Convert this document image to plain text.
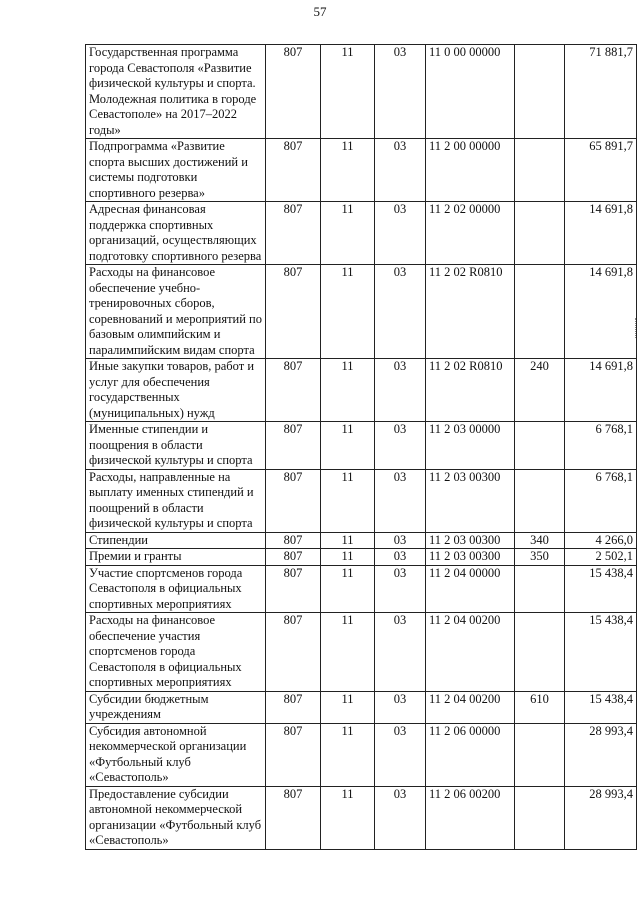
57
Государственная программа города Севастополя «Развитие физической культуры и спорта. Молодежная политика в городе Севастополе» на 2017–2022 годы»	807	11	03	11 0 00 00000		71 881,7
Подпрограмма «Развитие спорта высших достижений и системы подготовки спортивного резерва»	807	11	03	11 2 00 00000		65 891,7
Адресная финансовая поддержка спортивных организаций, осуществляющих подготовку спортивного резерва	807	11	03	11 2 02 00000		14 691,8
Расходы на финансовое обеспечение учебно-тренировочных сборов, соревнований и мероприятий по базовым олимпийским и паралимпийским видам спорта	807	11	03	11 2 02 R0810		14 691,8
Иные закупки товаров, работ и услуг для обеспечения государственных (муниципальных) нужд	807	11	03	11 2 02 R0810	240	14 691,8
Именные стипендии и поощрения в области физической культуры и спорта	807	11	03	11 2 03 00000		6 768,1
Расходы, направленные на выплату именных стипендий и поощрений в области физической культуры и спорта	807	11	03	11 2 03 00300		6 768,1
Стипендии	807	11	03	11 2 03 00300	340	4 266,0
Премии и гранты	807	11	03	11 2 03 00300	350	2 502,1
Участие спортсменов города Севастополя в официальных спортивных мероприятиях	807	11	03	11 2 04 00000		15 438,4
Расходы на финансовое обеспечение участия спортсменов города Севастополя в официальных спортивных мероприятиях	807	11	03	11 2 04 00200		15 438,4
Субсидии бюджетным учреждениям	807	11	03	11 2 04 00200	610	15 438,4
Субсидия автономной некоммерческой организации «Футбольный клуб «Севастополь»	807	11	03	11 2 06 00000		28 993,4
Предоставление субсидии автономной некоммерческой организации «Футбольный клуб «Севастополь»	807	11	03	11 2 06 00200		28 993,4
